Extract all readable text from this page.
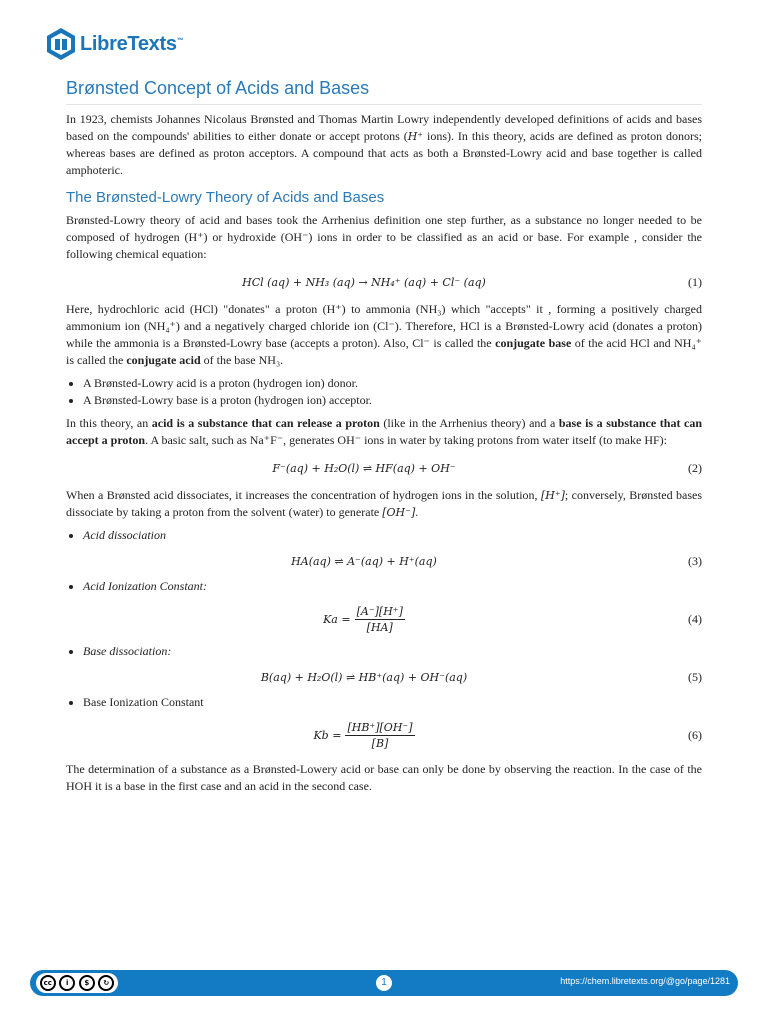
LibreTexts™
Brønsted Concept of Acids and Bases

In 1923, chemists Johannes Nicolaus Brønsted and Thomas Martin Lowry independently developed definitions of acids and bases based on the compounds' abilities to either donate or accept protons (H⁺ ions). In this theory, acids are defined as proton donors; whereas bases are defined as proton acceptors. A compound that acts as both a Brønsted-Lowry acid and base together is called amphoteric.

The Brønsted-Lowry Theory of Acids and Bases

Brønsted-Lowry theory of acid and bases took the Arrhenius definition one step further, as a substance no longer needed to be composed of hydrogen (H⁺) or hydroxide (OH⁻) ions in order to be classified as an acid or base. For example , consider the following chemical equation:

HCl (aq) + NH₃ (aq) → NH₄⁺ (aq) + Cl⁻ (aq)	(1)

Here, hydrochloric acid (HCl) "donates" a proton (H⁺) to ammonia (NH₃) which "accepts" it , forming a positively charged ammonium ion (NH₄⁺) and a negatively charged chloride ion (Cl⁻). Therefore, HCl is a Brønsted-Lowry acid (donates a proton) while the ammonia is a Brønsted-Lowry base (accepts a proton). Also, Cl⁻ is called the conjugate base of the acid HCl and NH₄⁺ is called the conjugate acid of the base NH₃.

• A Brønsted-Lowry acid is a proton (hydrogen ion) donor.
• A Brønsted-Lowry base is a proton (hydrogen ion) acceptor.

In this theory, an acid is a substance that can release a proton (like in the Arrhenius theory) and a base is a substance that can accept a proton. A basic salt, such as Na⁺F⁻, generates OH⁻ ions in water by taking protons from water itself (to make HF):

F⁻(aq) + H₂O(l) ⇌ HF(aq) + OH⁻	(2)

When a Brønsted acid dissociates, it increases the concentration of hydrogen ions in the solution, [H⁺]; conversely, Brønsted bases dissociate by taking a proton from the solvent (water) to generate [OH⁻].

• Acid dissociation
HA(aq) ⇌ A⁻(aq) + H⁺(aq)	(3)
• Acid Ionization Constant:
$Ka = \frac{[A^-][H^+]}{[HA]}$	(4)
• Base dissociation:
B(aq) + H₂O(l) ⇌ HB⁺(aq) + OH⁻(aq)	(5)
• Base Ionization Constant
$Kb = \frac{[HB^+][OH^-]}{[B]}$	(6)

The determination of a substance as a Brønsted-Lowery acid or base can only be done by observing the reaction. In the case of the HOH it is a base in the first case and an acid in the second case.

cc	i	$	↻	1	https://chem.libretexts.org/@go/page/1281
